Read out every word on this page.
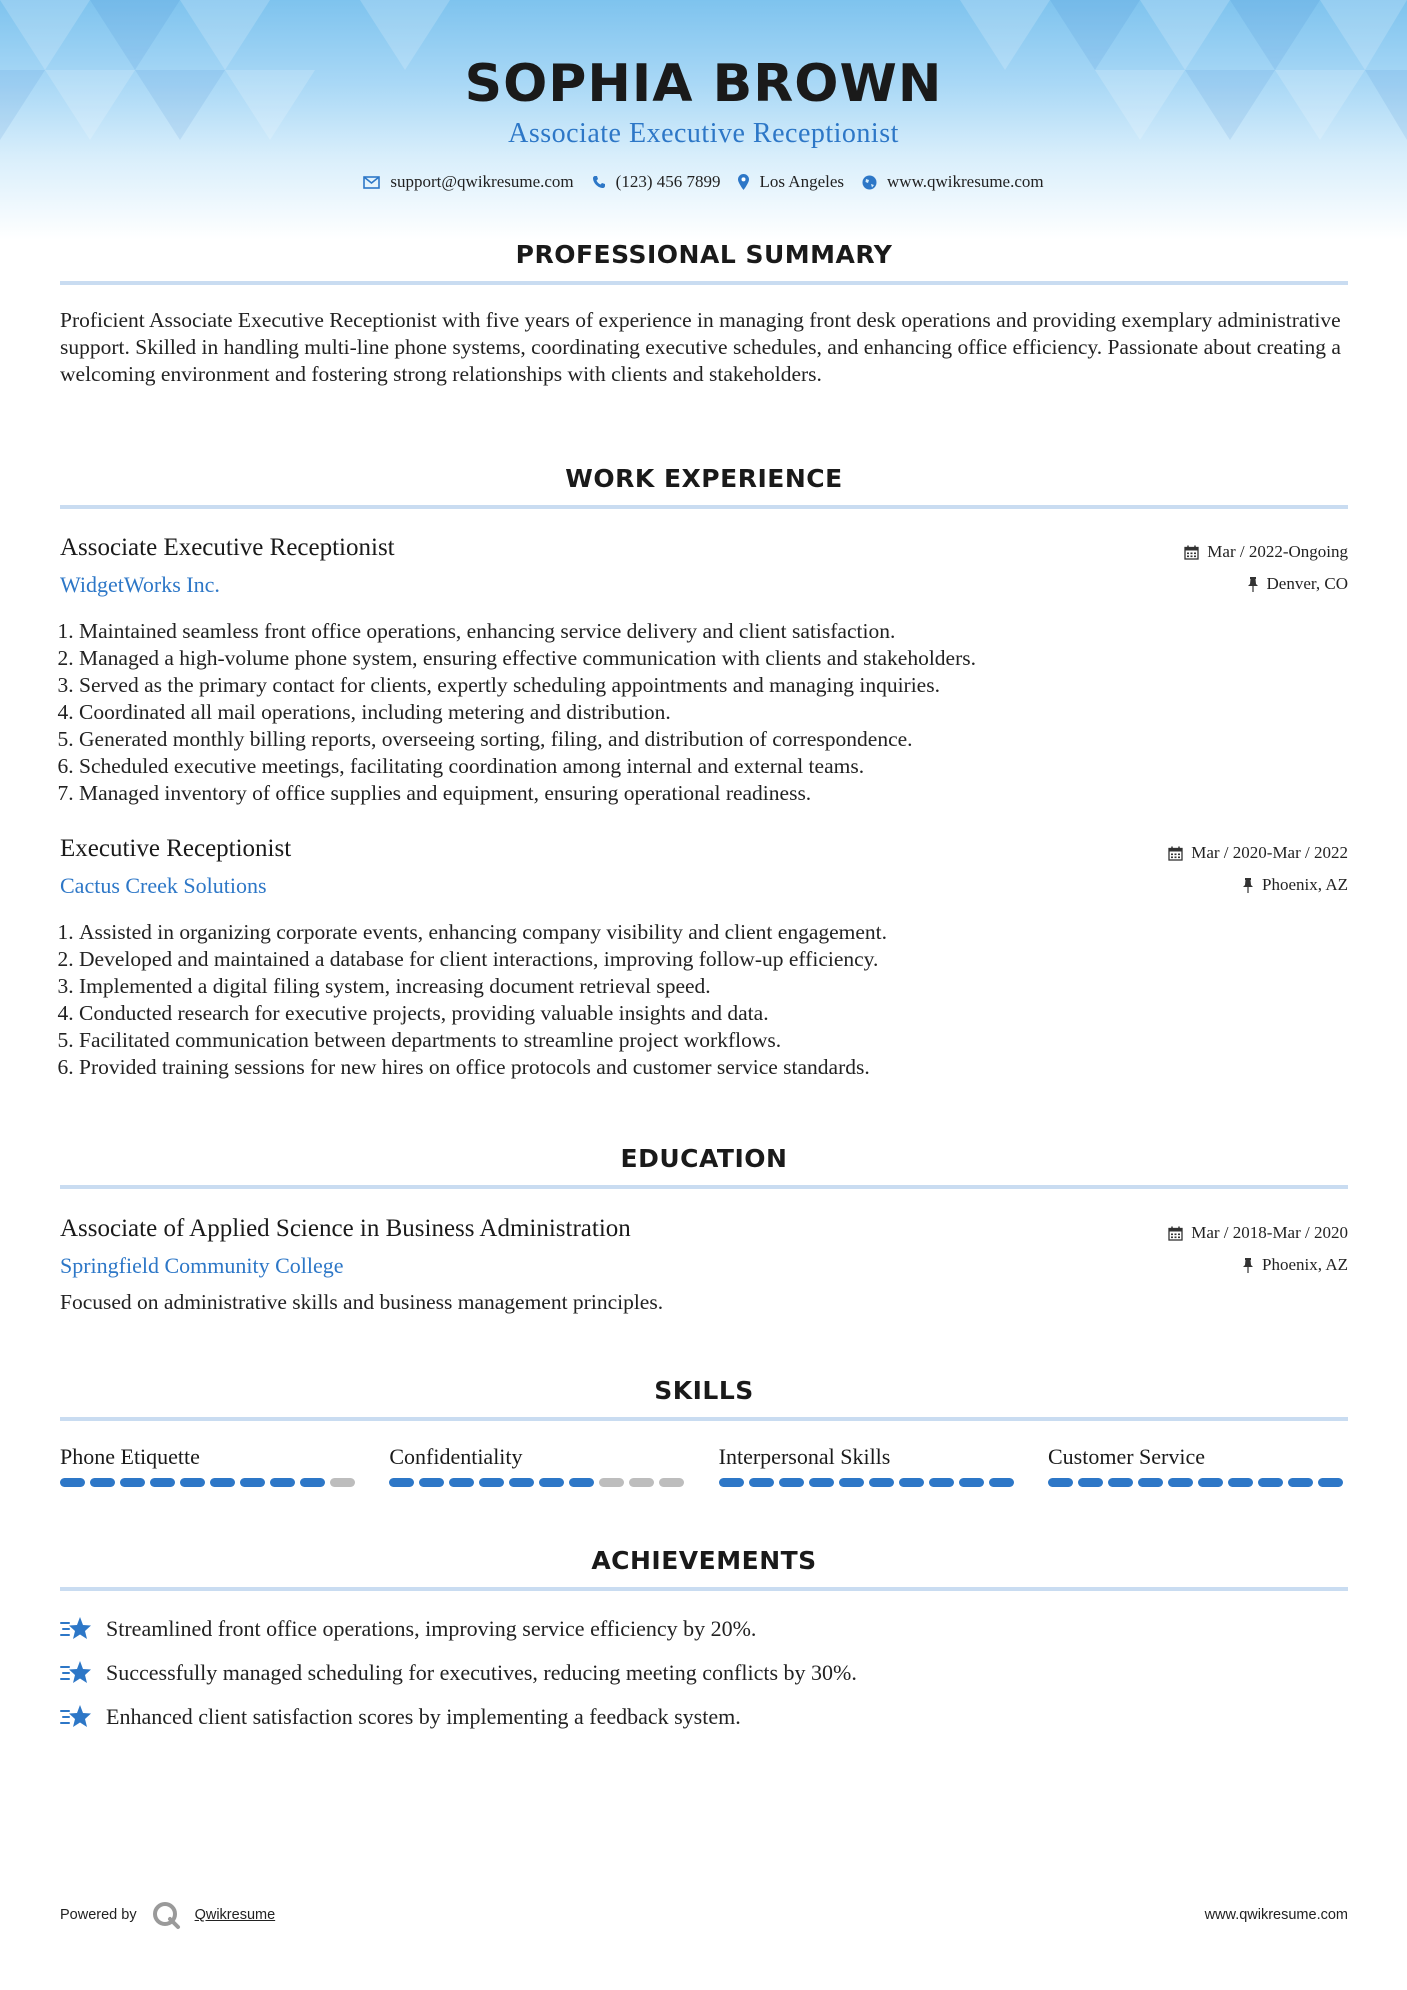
SOPHIA BROWN
Associate Executive Receptionist
support@qwikresume.com (123) 456 7899 Los Angeles	www.qwikresume.com
PROFESSIONAL SUMMARY
Proficient Associate Executive Receptionist with five years of experience in managing front desk operations and providing exemplary administrative support. Skilled in handling multi-line phone systems, coordinating executive schedules, and enhancing office efficiency. Passionate about creating a welcoming environment and fostering strong relationships with clients and stakeholders.
WORK EXPERIENCE
Associate Executive Receptionist
WidgetWorks Inc.
Mar / 2022-Ongoing
Denver, CO
1. Maintained seamless front office operations, enhancing service delivery and client satisfaction.
2. Managed a high-volume phone system, ensuring effective communication with clients and stakeholders.
3. Served as the primary contact for clients, expertly scheduling appointments and managing inquiries.
4. Coordinated all mail operations, including metering and distribution.
5. Generated monthly billing reports, overseeing sorting, filing, and distribution of correspondence.
6. Scheduled executive meetings, facilitating coordination among internal and external teams.
7. Managed inventory of office supplies and equipment, ensuring operational readiness.
Executive Receptionist
Cactus Creek Solutions
Mar / 2020-Mar / 2022
Phoenix, AZ
1. Assisted in organizing corporate events, enhancing company visibility and client engagement.
2. Developed and maintained a database for client interactions, improving follow-up efficiency.
3. Implemented a digital filing system, increasing document retrieval speed.
4. Conducted research for executive projects, providing valuable insights and data.
5. Facilitated communication between departments to streamline project workflows.
6. Provided training sessions for new hires on office protocols and customer service standards.
EDUCATION
Associate of Applied Science in Business Administration
Springfield Community College
Mar / 2018-Mar / 2020
Phoenix, AZ
Focused on administrative skills and business management principles.
SKILLS
Phone Etiquette	Confidentiality	Interpersonal Skills	Customer Service
ACHIEVEMENTS
Streamlined front office operations, improving service efficiency by 20%.
Successfully managed scheduling for executives, reducing meeting conflicts by 30%.
Enhanced client satisfaction scores by implementing a feedback system.
Powered by	Qwikresume	www.qwikresume.com
